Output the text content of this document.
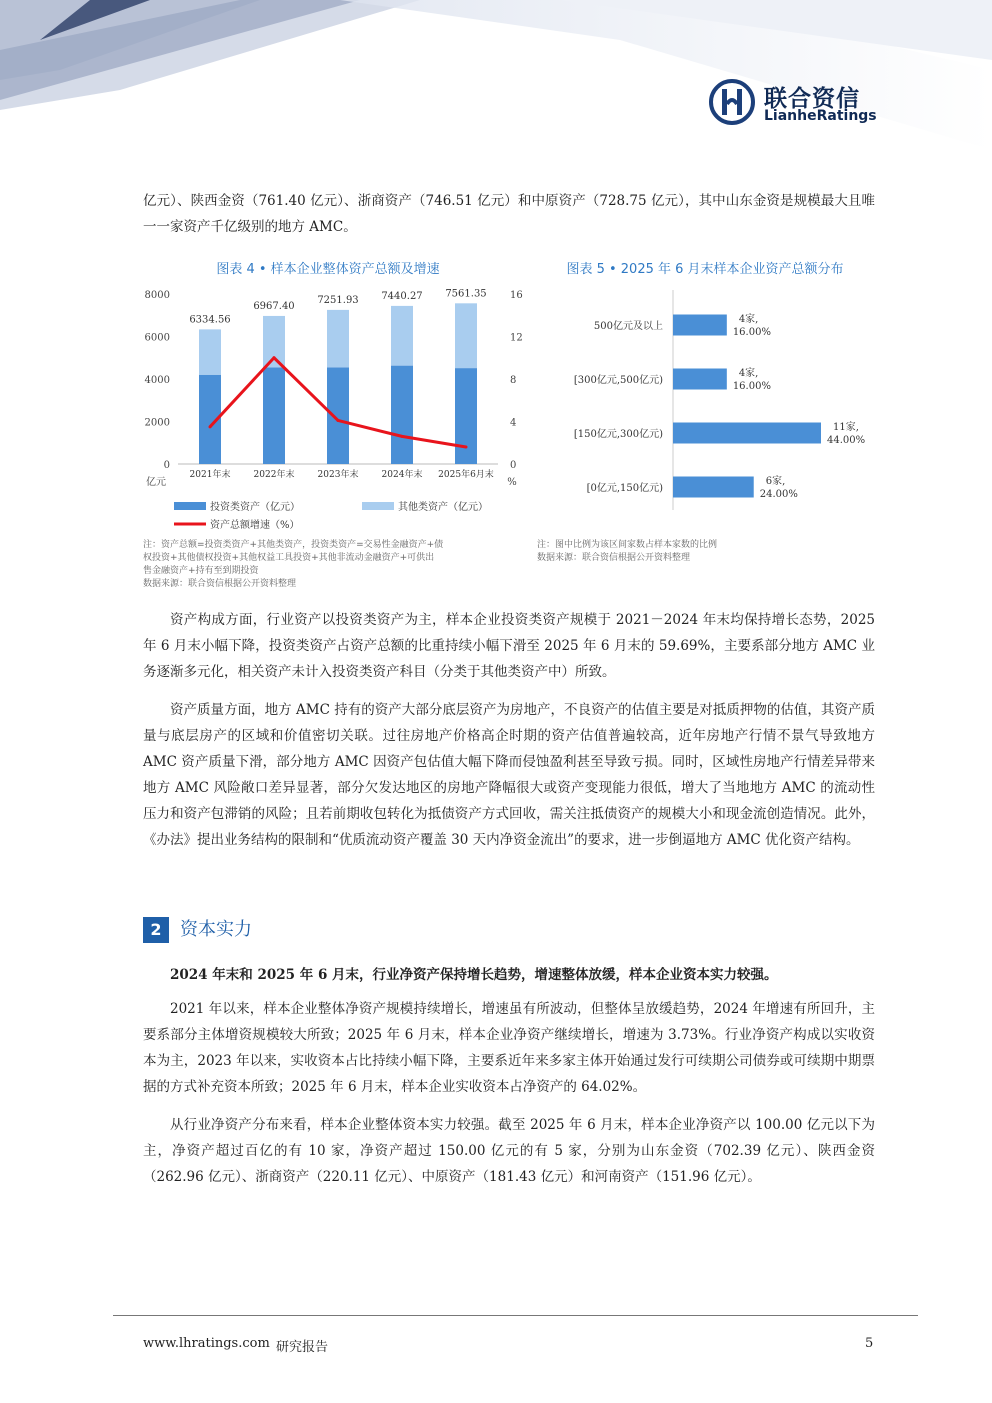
联合资信
LianheRatings
亿元）、陕西金资（761.40 亿元）、浙商资产（746.51 亿元）和中原资产（728.75 亿元），其中山东金资是规模最大且唯一一家资产千亿级别的地方 AMC。
图表 4 • 样本企业整体资产总额及增速
0
2000
4000
6000
8000
0
4
8
12
16
亿元	%
6334.56
2021年末
6967.40
2022年末
7251.93
2023年末
7440.27
2024年末
7561.35
2025年6月末
投资类资产（亿元）	其他类资产（亿元）
资产总额增速（%）
注：资产总额=投资类资产+其他类资产，投资类资产=交易性金融资产+债
权投资+其他债权投资+其他权益工具投资+其他非流动金融资产+可供出
售金融资产+持有至到期投资
数据来源：联合资信根据公开资料整理
图表 5 • 2025 年 6 月末样本企业资产总额分布
500亿元及以上
4家,
16.00%
[300亿元,500亿元)
4家,
16.00%
[150亿元,300亿元)
11家,
44.00%
[0亿元,150亿元)
6家,
24.00%
注：图中比例为该区间家数占样本家数的比例
数据来源：联合资信根据公开资料整理
资产构成方面，行业资产以投资类资产为主，样本企业投资类资产规模于 2021－2024 年末均保持增长态势，2025 年 6 月末小幅下降，投资类资产占资产总额的比重持续小幅下滑至 2025 年 6 月末的 59.69%，主要系部分地方 AMC 业务逐渐多元化，相关资产未计入投资类资产科目（分类于其他类资产中）所致。
资产质量方面，地方 AMC 持有的资产大部分底层资产为房地产，不良资产的估值主要是对抵质押物的估值，其资产质量与底层房产的区域和价值密切关联。过往房地产价格高企时期的资产估值普遍较高，近年房地产行情不景气导致地方 AMC 资产质量下滑，部分地方 AMC 因资产包估值大幅下降而侵蚀盈利甚至导致亏损。同时，区域性房地产行情差异带来地方 AMC 风险敞口差异显著，部分欠发达地区的房地产降幅很大或资产变现能力很低，增大了当地地方 AMC 的流动性压力和资产包滞销的风险；且若前期收包转化为抵债资产方式回收，需关注抵债资产的规模大小和现金流创造情况。此外，《办法》提出业务结构的限制和“优质流动资产覆盖 30 天内净资金流出”的要求，进一步倒逼地方 AMC 优化资产结构。
2	资本实力
2024 年末和 2025 年 6 月末，行业净资产保持增长趋势，增速整体放缓，样本企业资本实力较强。
2021 年以来，样本企业整体净资产规模持续增长，增速虽有所波动，但整体呈放缓趋势，2024 年增速有所回升，主要系部分主体增资规模较大所致；2025 年 6 月末，样本企业净资产继续增长，增速为 3.73%。行业净资产构成以实收资本为主，2023 年以来，实收资本占比持续小幅下降，主要系近年来多家主体开始通过发行可续期公司债券或可续期中期票据的方式补充资本所致；2025 年 6 月末，样本企业实收资本占净资产的 64.02%。
从行业净资产分布来看，样本企业整体资本实力较强。截至 2025 年 6 月末，样本企业净资产以 100.00 亿元以下为主，净资产超过百亿的有 10 家，净资产超过 150.00 亿元的有 5 家，分别为山东金资（702.39 亿元）、陕西金资（262.96 亿元）、浙商资产（220.11 亿元）、中原资产（181.43 亿元）和河南资产（151.96 亿元）。
www.lhratings.com 研究报告	5
